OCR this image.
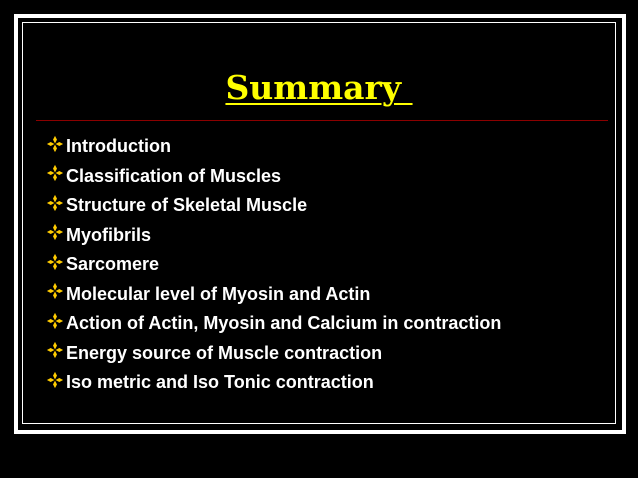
Summary
Introduction
Classification of Muscles
Structure of Skeletal Muscle
Myofibrils
Sarcomere
Molecular level of Myosin and Actin
Action of Actin, Myosin and Calcium in contraction
Energy source of Muscle contraction
Iso metric and Iso Tonic contraction
